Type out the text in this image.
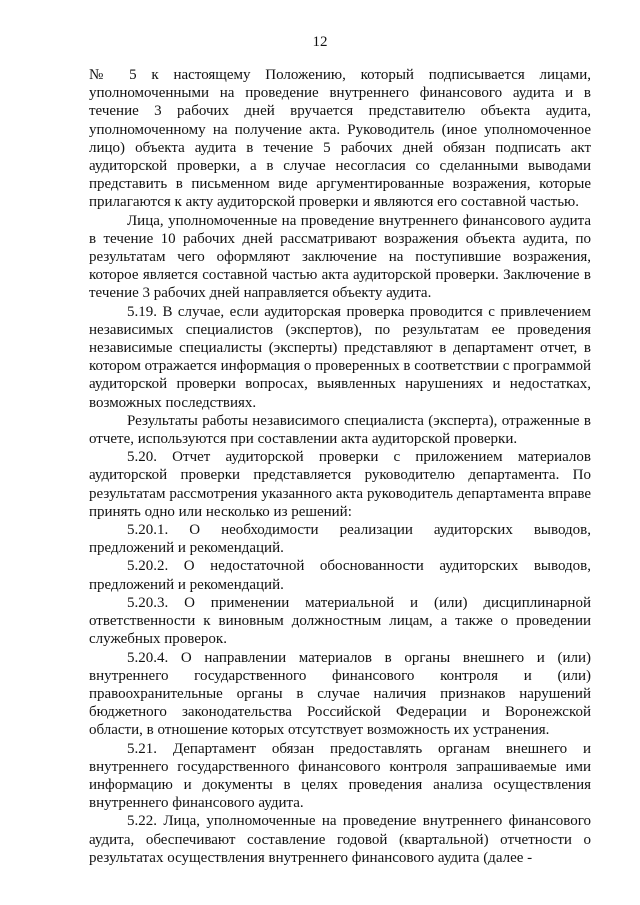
12

№ 5 к настоящему Положению, который подписывается лицами, уполномоченными на проведение внутреннего финансового аудита и в течение 3 рабочих дней вручается представителю объекта аудита, уполномоченному на получение акта. Руководитель (иное уполномоченное лицо) объекта аудита в течение 5 рабочих дней обязан подписать акт аудиторской проверки, а в случае несогласия со сделанными выводами представить в письменном виде аргументированные возражения, которые прилагаются к акту аудиторской проверки и являются его составной частью.

Лица, уполномоченные на проведение внутреннего финансового аудита в течение 10 рабочих дней рассматривают возражения объекта аудита, по результатам чего оформляют заключение на поступившие возражения, которое является составной частью акта аудиторской проверки. Заключение в течение 3 рабочих дней направляется объекту аудита.

5.19. В случае, если аудиторская проверка проводится с привлечением независимых специалистов (экспертов), по результатам ее проведения независимые специалисты (эксперты) представляют в департамент отчет, в котором отражается информация о проверенных в соответствии с программой аудиторской проверки вопросах, выявленных нарушениях и недостатках, возможных последствиях.

Результаты работы независимого специалиста (эксперта), отраженные в отчете, используются при составлении акта аудиторской проверки.

5.20. Отчет аудиторской проверки с приложением материалов аудиторской проверки представляется руководителю департамента. По результатам рассмотрения указанного акта руководитель департамента вправе принять одно или несколько из решений:

5.20.1. О необходимости реализации аудиторских выводов, предложений и рекомендаций.

5.20.2. О недостаточной обоснованности аудиторских выводов, предложений и рекомендаций.

5.20.3. О применении материальной и (или) дисциплинарной ответственности к виновным должностным лицам, а также о проведении служебных проверок.

5.20.4. О направлении материалов в органы внешнего и (или) внутреннего государственного финансового контроля и (или) правоохранительные органы в случае наличия признаков нарушений бюджетного законодательства Российской Федерации и Воронежской области, в отношение которых отсутствует возможность их устранения.

5.21. Департамент обязан предоставлять органам внешнего и внутреннего государственного финансового контроля запрашиваемые ими информацию и документы в целях проведения анализа осуществления внутреннего финансового аудита.

5.22. Лица, уполномоченные на проведение внутреннего финансового аудита, обеспечивают составление годовой (квартальной) отчетности о результатах осуществления внутреннего финансового аудита (далее -
